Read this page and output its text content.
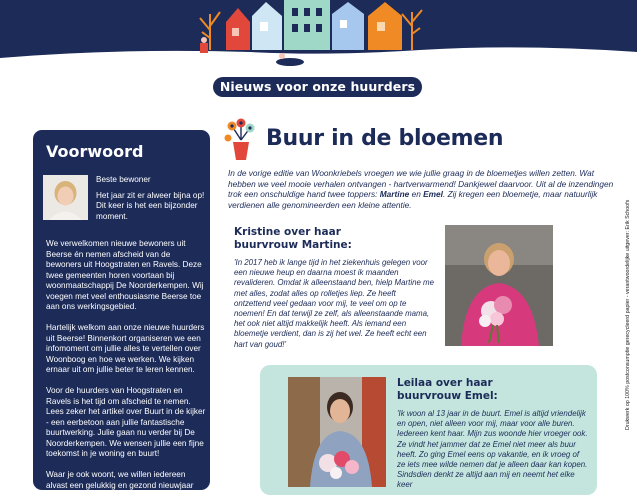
Nieuws voor onze huurders
Voorwoord

Beste bewoner

Het jaar zit er alweer bijna op! Dit keer is het een bijzonder moment.

We verwelkomen nieuwe bewoners uit Beerse én nemen afscheid van de bewoners uit Hoogstraten en Ravels. Deze twee gemeenten horen voortaan bij woonmaatschappij De Noorderkempen. Wij voegen met veel enthousiasme Beerse toe aan ons werkingsgebied.

Hartelijk welkom aan onze nieuwe huurders uit Beerse! Binnenkort organiseren we een infomoment om jullie alles te vertellen over Woonboog en hoe we werken. We kijken ernaar uit om jullie beter te leren kennen.

Voor de huurders van Hoogstraten en Ravels is het tijd om afscheid te nemen. Lees zeker het artikel over Buurt in de kijker - een eerbetoon aan jullie fantastische buurtwerking. Julie gaan nu verder bij De Noorderkempen. We wensen jullie een fijne toekomst in je woning en buurt!

Waar je ook woont, we willen iedereen alvast een gelukkig en gezond nieuwjaar toewensen. Hopelijk brengt 2025

Buur in de bloemen

In de vorige editie van Woonkriebels vroegen we wie jullie graag in de bloemetjes willen zetten. Wat hebben we veel mooie verhalen ontvangen - hartverwarmend! Dankjewel daarvoor. Uit al de inzendingen trok een onschuldige hand twee toppers: Martine en Emel. Zij kregen een bloemetje, maar natuurlijk verdienen alle genomineerden een kleine attentie.

Kristine over haar buurvrouw Martine:

'In 2017 heb ik lange tijd in het ziekenhuis gelegen voor een nieuwe heup en daarna moest ik maanden revalideren. Omdat ik alleenstaand ben, hielp Martine me met alles, zodat alles op rolletjes liep. Ze heeft ontzettend veel gedaan voor mij, te veel om op te noemen! En dat terwijl ze zelf, als alleenstaande mama, het ook niet altijd makkelijk heeft. Als iemand een bloemetje verdient, dan is zij het wel. Ze heeft echt een hart van goud!'

Leilaa over haar buurvrouw Emel:

'Ik woon al 13 jaar in de buurt. Emel is altijd vriendelijk en open, niet alleen voor mij, maar voor alle buren. Iedereen kent haar. Mijn zus woonde hier vroeger ook. Ze vindt het jammer dat ze Emel niet meer als buur heeft. Zo ging Emel eens op vakantie, en ik vroeg of ze iets mee wilde nemen dat je alleen daar kan kopen. Sindsdien denkt ze altijd aan mij en neemt het elke keer

Drukwerk op 100% postconsumptie gerecycleerd papier - verantwoordelijke uitgever: Erik Schoofs
